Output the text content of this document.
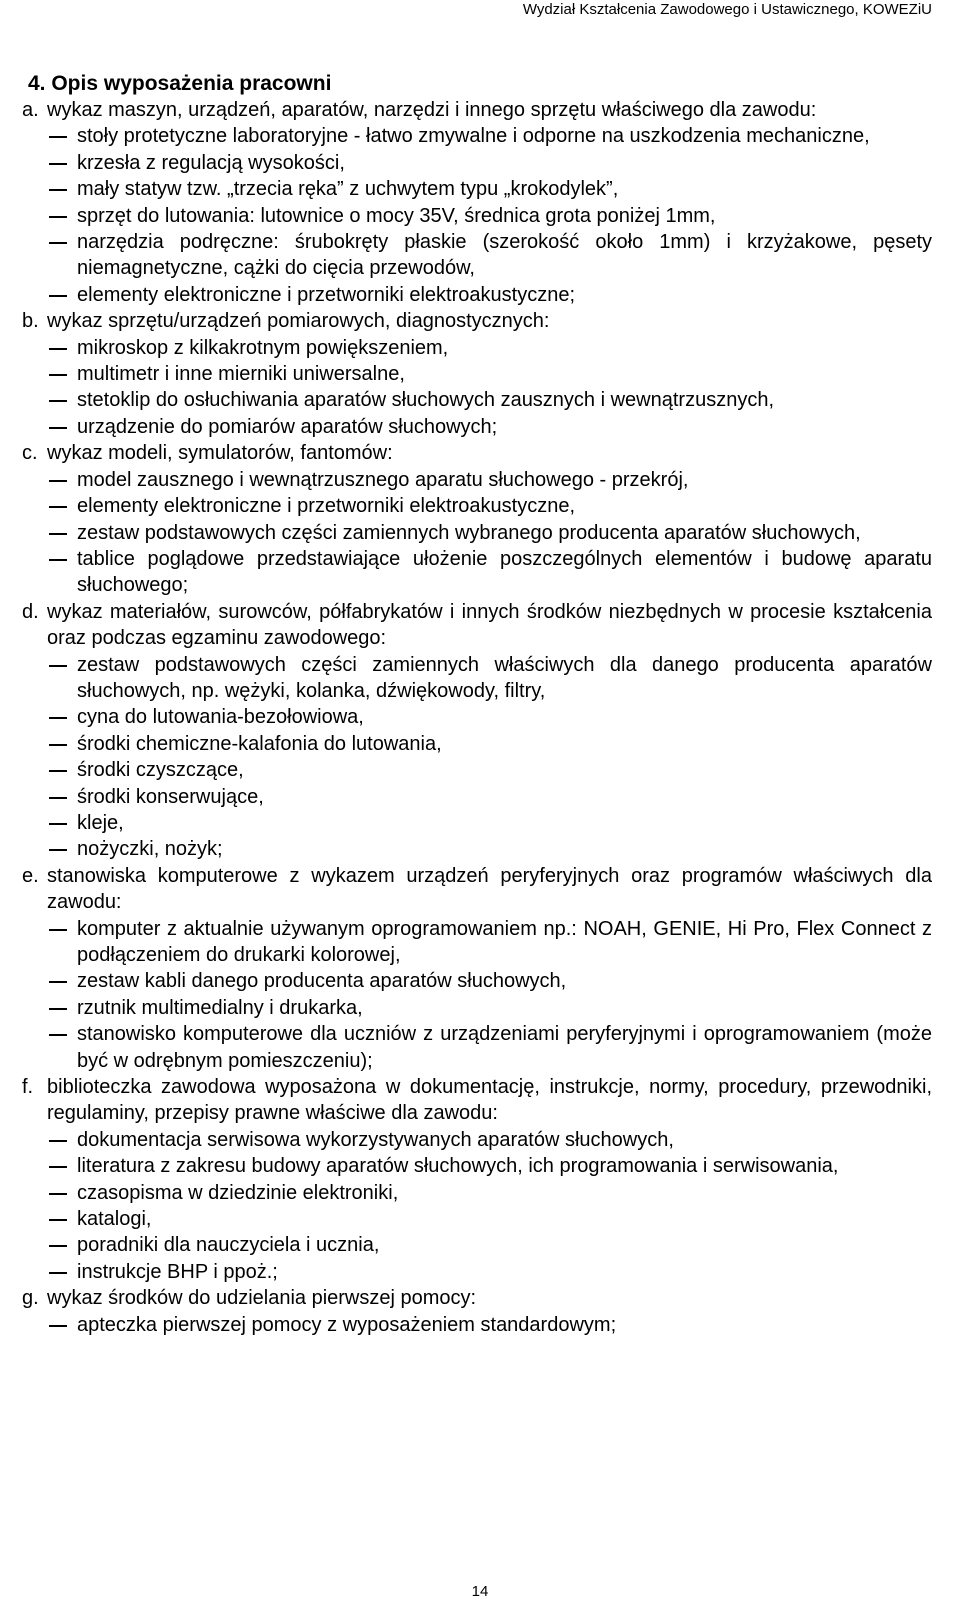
Wydział Kształcenia Zawodowego i Ustawicznego, KOWEZiU
4. Opis wyposażenia pracowni
a. wykaz maszyn, urządzeń, aparatów, narzędzi i innego sprzętu właściwego dla zawodu:
stoły protetyczne laboratoryjne - łatwo zmywalne i odporne na uszkodzenia mechaniczne,
krzesła z regulacją wysokości,
mały statyw tzw. „trzecia ręka” z uchwytem typu „krokodylek”,
sprzęt do lutowania: lutownice o mocy 35V, średnica grota poniżej 1mm,
narzędzia podręczne: śrubokręty płaskie (szerokość około 1mm) i krzyżakowe, pęsety niemagnetyczne, cążki do cięcia przewodów,
elementy elektroniczne i przetworniki elektroakustyczne;
b. wykaz sprzętu/urządzeń pomiarowych, diagnostycznych:
mikroskop z kilkakrotnym powiększeniem,
multimetr i inne mierniki uniwersalne,
stetoklip do osłuchiwania aparatów słuchowych zausznych i wewnątrzusznych,
urządzenie do pomiarów aparatów słuchowych;
c. wykaz modeli, symulatorów, fantomów:
model zausznego i wewnątrzusznego aparatu słuchowego - przekrój,
elementy elektroniczne i przetworniki elektroakustyczne,
zestaw podstawowych części zamiennych wybranego producenta aparatów słuchowych,
tablice poglądowe przedstawiające ułożenie poszczególnych elementów i budowę aparatu słuchowego;
d. wykaz materiałów, surowców, półfabrykatów i innych środków niezbędnych w procesie kształcenia oraz podczas egzaminu zawodowego:
zestaw podstawowych części zamiennych właściwych dla danego producenta aparatów słuchowych, np. wężyki, kolanka, dźwiękowody, filtry,
cyna do lutowania-bezołowiowa,
środki chemiczne-kalafonia do lutowania,
środki czyszczące,
środki konserwujące,
kleje,
nożyczki, nożyk;
e. stanowiska komputerowe z wykazem urządzeń peryferyjnych oraz programów właściwych dla zawodu:
komputer z aktualnie używanym oprogramowaniem np.: NOAH, GENIE, Hi Pro, Flex Connect z podłączeniem do drukarki kolorowej,
zestaw kabli danego producenta aparatów słuchowych,
rzutnik multimedialny i drukarka,
stanowisko komputerowe dla uczniów z urządzeniami peryferyjnymi i oprogramowaniem (może być w odrębnym pomieszczeniu);
f. biblioteczka zawodowa wyposażona w dokumentację, instrukcje, normy, procedury, przewodniki, regulaminy, przepisy prawne właściwe dla zawodu:
dokumentacja serwisowa wykorzystywanych aparatów słuchowych,
literatura z zakresu budowy aparatów słuchowych, ich programowania i serwisowania,
czasopisma w dziedzinie elektroniki,
katalogi,
poradniki dla nauczyciela i ucznia,
instrukcje BHP i ppoż.;
g. wykaz środków do udzielania pierwszej pomocy:
apteczka pierwszej pomocy z wyposażeniem standardowym;
14
